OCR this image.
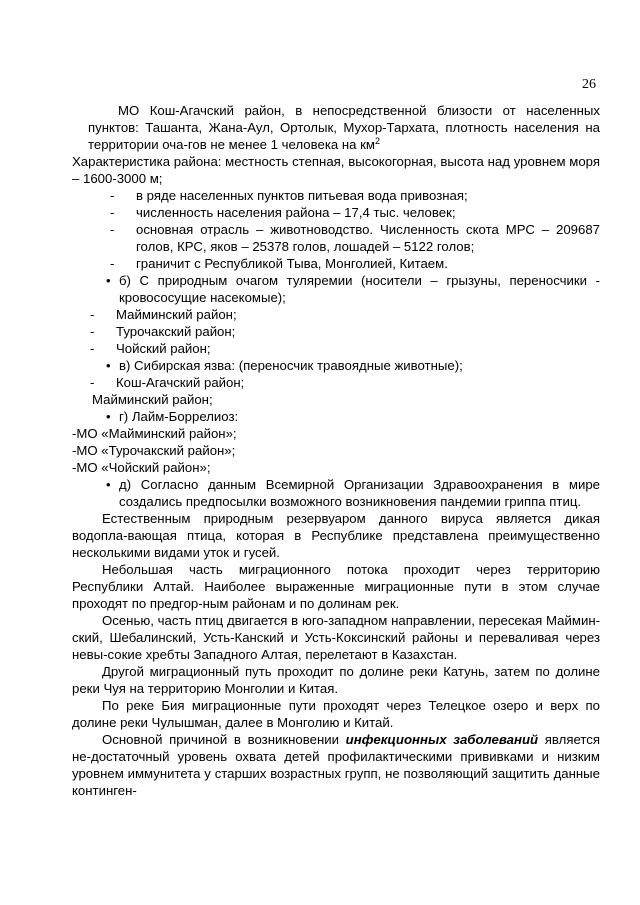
26

МО Кош-Агачский район, в непосредственной близости от населенных пунктов: Ташанта, Жана-Аул, Ортолык, Мухор-Тархата, плотность населения на территории оча-гов не менее 1 человека на $км^2$

Характеристика района: местность степная, высокогорная, высота над уровнем моря – 1600-3000 м;

- в ряде населенных пунктов питьевая вода привозная;
- численность населения района – 17,4 тыс. человек;
- основная отрасль – животноводство. Численность скота МРС – 209687 голов, КРС, яков – 25378 голов, лошадей – 5122 голов;
- граничит с Республикой Тыва, Монголией, Китаем.
• б) С природным очагом туляремии (носители – грызуны, переносчики - кровососущие насекомые);
- Майминский район;
- Турочакский район;
- Чойский район;
• в) Сибирская язва: (переносчик травоядные животные);
- Кош-Агачский район;

Майминский район;

• г) Лайм-Боррелиоз:

-МО «Майминский район»;

-МО «Турочакский район»;

-МО «Чойский район»;

• д) Согласно данным Всемирной Организации Здравоохранения в мире создались предпосылки возможного возникновения пандемии гриппа птиц.

Естественным природным резервуаром данного вируса является дикая водопла-вающая птица, которая в Республике представлена преимущественно несколькими видами уток и гусей.

Небольшая часть миграционного потока проходит через территорию Республики Алтай. Наиболее выраженные миграционные пути в этом случае проходят по предгор-ным районам и по долинам рек.

Осенью, часть птиц двигается в юго-западном направлении, пересекая Маймин-ский, Шебалинский, Усть-Канский и Усть-Коксинский районы и переваливая через невы-сокие хребты Западного Алтая, перелетают в Казахстан.

Другой миграционный путь проходит по долине реки Катунь, затем по долине реки Чуя на территорию Монголии и Китая.

По реке Бия миграционные пути проходят через Телецкое озеро и верх по долине реки Чулышман, далее в Монголию и Китай.

Основной причиной в возникновении инфекционных заболеваний является не-достаточный уровень охвата детей профилактическими прививками и низким уровнем иммунитета у старших возрастных групп, не позволяющий защитить данные континген-
